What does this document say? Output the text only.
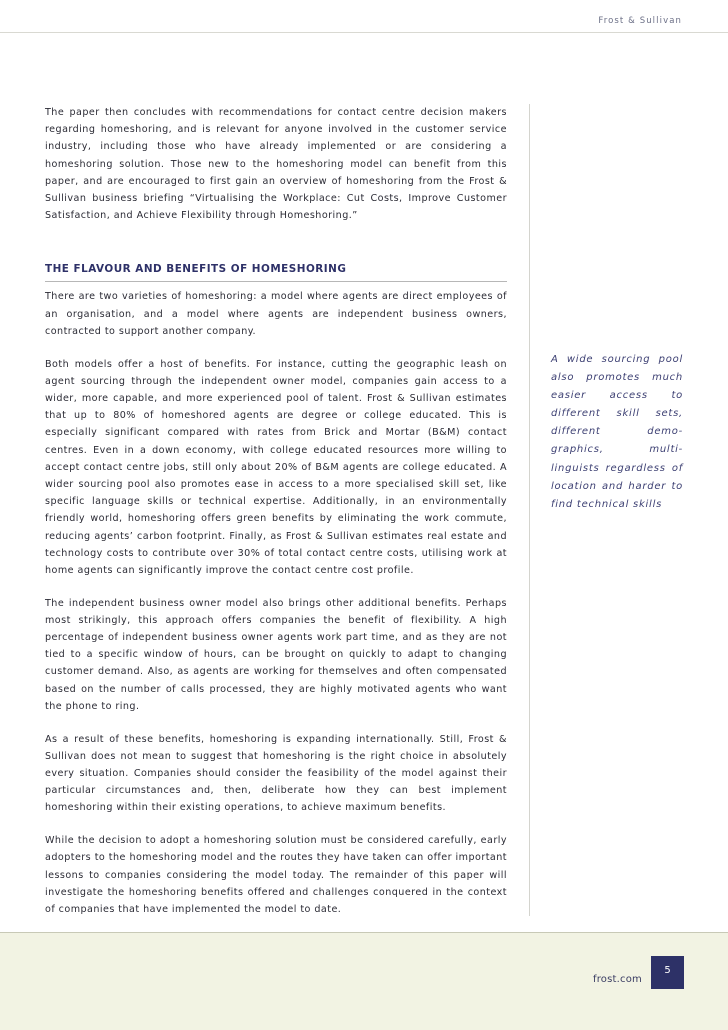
Frost & Sullivan

The paper then concludes with recommendations for contact centre decision makers regarding homeshoring, and is relevant for anyone involved in the customer service industry, including those who have already implemented or are considering a homeshoring solution. Those new to the homeshoring model can benefit from this paper, and are encouraged to first gain an overview of homeshoring from the Frost & Sullivan business briefing “Virtualising the Workplace: Cut Costs, Improve Customer Satisfaction, and Achieve Flexibility through Homeshoring.”

THE FLAVOUR AND BENEFITS OF HOMESHORING

There are two varieties of homeshoring: a model where agents are direct employees of an organisation, and a model where agents are independent business owners, contracted to support another company.

Both models offer a host of benefits. For instance, cutting the geographic leash on agent sourcing through the independent owner model, companies gain access to a wider, more capable, and more experienced pool of talent. Frost & Sullivan estimates that up to 80% of homeshored agents are degree or college educated. This is especially significant compared with rates from Brick and Mortar (B&M) contact centres. Even in a down economy, with college educated resources more willing to accept contact centre jobs, still only about 20% of B&M agents are college educated. A wider sourcing pool also promotes ease in access to a more specialised skill set, like specific language skills or technical expertise. Additionally, in an environmentally friendly world, homeshoring offers green benefits by eliminating the work commute, reducing agents’ carbon footprint. Finally, as Frost & Sullivan estimates real estate and technology costs to contribute over 30% of total contact centre costs, utilising work at home agents can significantly improve the contact centre cost profile.

The independent business owner model also brings other additional benefits. Perhaps most strikingly, this approach offers companies the benefit of flexibility. A high percentage of independent business owner agents work part time, and as they are not tied to a specific window of hours, can be brought on quickly to adapt to changing customer demand. Also, as agents are working for themselves and often compensated based on the number of calls processed, they are highly motivated agents who want the phone to ring.

As a result of these benefits, homeshoring is expanding internationally. Still, Frost & Sullivan does not mean to suggest that homeshoring is the right choice in absolutely every situation. Companies should consider the feasibility of the model against their particular circumstances and, then, deliberate how they can best implement homeshoring within their existing operations, to achieve maximum benefits.

While the decision to adopt a homeshoring solution must be considered carefully, early adopters to the homeshoring model and the routes they have taken can offer important lessons to companies considering the model today. The remainder of this paper will investigate the homeshoring benefits offered and challenges conquered in the context of companies that have implemented the model to date.

A wide sourcing pool also promotes much easier access to different skill sets, different demo-graphics, multi-linguists regardless of location and harder to find technical skills
frost.com
5
